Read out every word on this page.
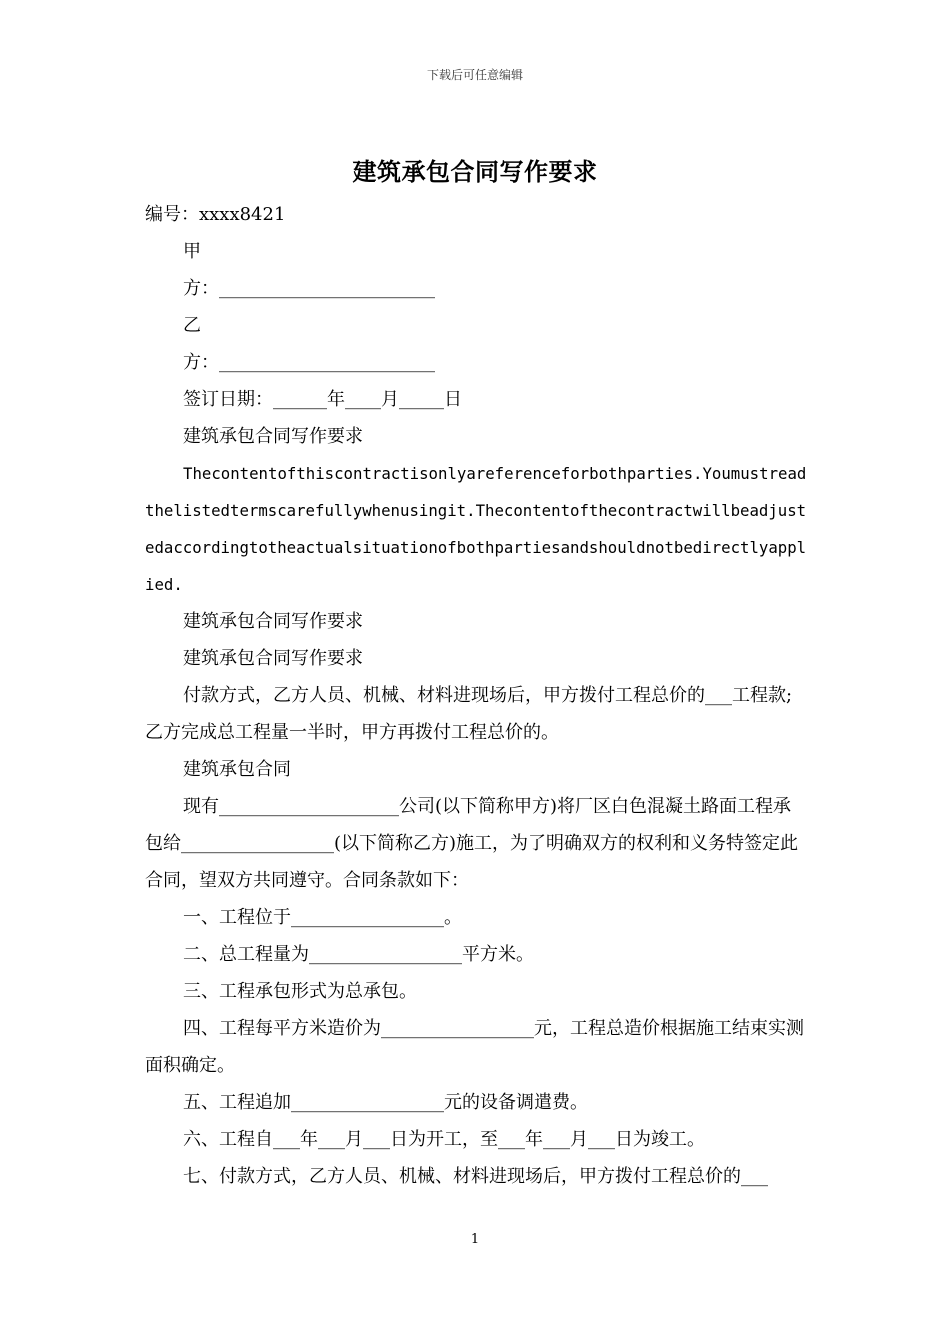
下载后可任意编辑
建筑承包合同写作要求

编号：xxxx8421

甲

方：________________________

乙

方：________________________

签订日期：______年____月_____日

建筑承包合同写作要求

Thecontentofthiscontractisonlyareferenceforbothparties.Youmustreadthelistedtermscarefullywhenusingit.Thecontentofthecontractwillbeadjustedaccordingtotheactualsituationofbothpartiesandshouldnotbedirectlyapplied.

建筑承包合同写作要求

建筑承包合同写作要求

付款方式，乙方人员、机械、材料进现场后，甲方拨付工程总价的___工程款;乙方完成总工程量一半时，甲方再拨付工程总价的。

建筑承包合同

现有____________________公司(以下简称甲方)将厂区白色混凝土路面工程承包给_________________(以下简称乙方)施工，为了明确双方的权利和义务特签定此合同，望双方共同遵守。合同条款如下：

一、工程位于_________________。

二、总工程量为_________________平方米。

三、工程承包形式为总承包。

四、工程每平方米造价为_________________元，工程总造价根据施工结束实测面积确定。

五、工程追加_________________元的设备调遣费。

六、工程自___年___月___日为开工，至___年___月___日为竣工。

七、付款方式，乙方人员、机械、材料进现场后，甲方拨付工程总价的___

1
